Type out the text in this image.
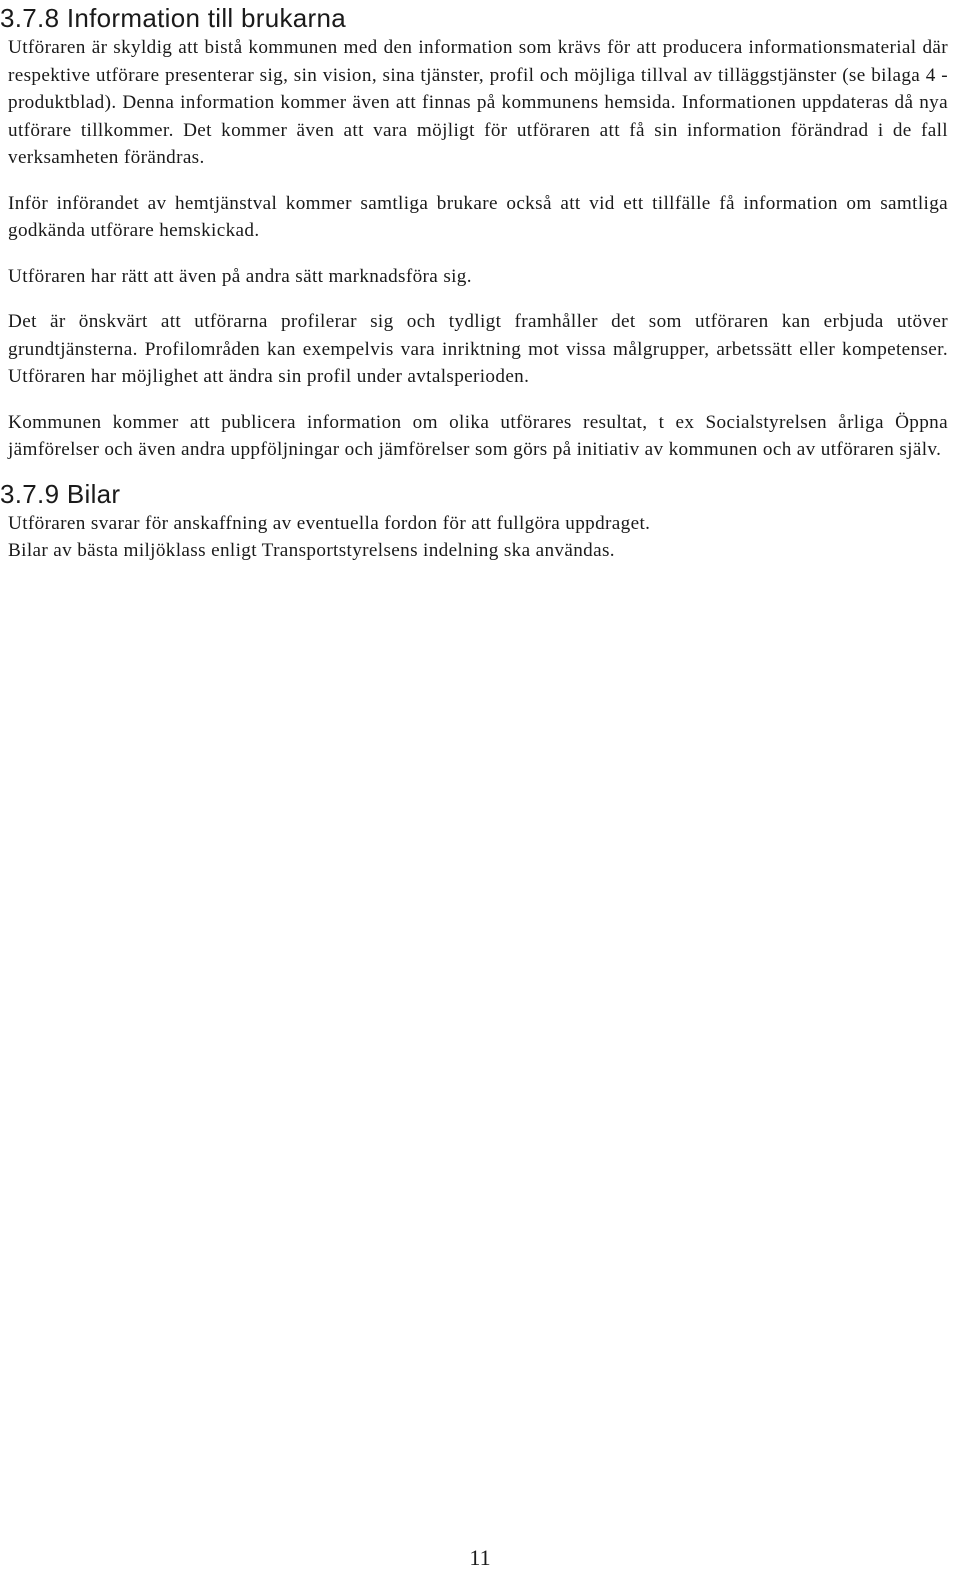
3.7.8 Information till brukarna

Utföraren är skyldig att bistå kommunen med den information som krävs för att producera informationsmaterial där respektive utförare presenterar sig, sin vision, sina tjänster, profil och möjliga tillval av tilläggstjänster (se bilaga 4 - produktblad). Denna information kommer även att finnas på kommunens hemsida. Informationen uppdateras då nya utförare tillkommer. Det kommer även att vara möjligt för utföraren att få sin information förändrad i de fall verksamheten förändras.

Inför införandet av hemtjänstval kommer samtliga brukare också att vid ett tillfälle få information om samtliga godkända utförare hemskickad.

Utföraren har rätt att även på andra sätt marknadsföra sig.

Det är önskvärt att utförarna profilerar sig och tydligt framhåller det som utföraren kan erbjuda utöver grundtjänsterna. Profilområden kan exempelvis vara inriktning mot vissa målgrupper, arbetssätt eller kompetenser. Utföraren har möjlighet att ändra sin profil under avtalsperioden.

Kommunen kommer att publicera information om olika utförares resultat, t ex Socialstyrelsen årliga Öppna jämförelser och även andra uppföljningar och jämförelser som görs på initiativ av kommunen och av utföraren själv.

3.7.9 Bilar

Utföraren svarar för anskaffning av eventuella fordon för att fullgöra uppdraget.

Bilar av bästa miljöklass enligt Transportstyrelsens indelning ska användas.

11
